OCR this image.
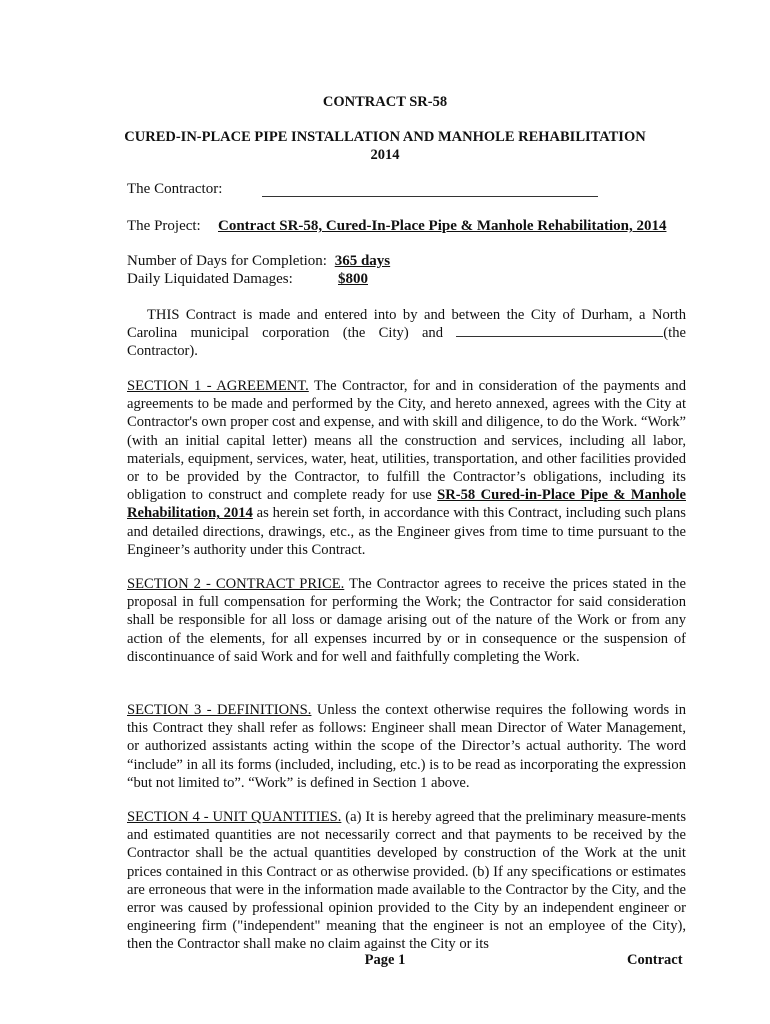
CONTRACT SR-58
CURED-IN-PLACE PIPE INSTALLATION AND MANHOLE REHABILITATION
2014
The Contractor:
The Project: Contract SR-58, Cured-In-Place Pipe & Manhole Rehabilitation, 2014
Number of Days for Completion: 365 days
Daily Liquidated Damages:	$800

THIS Contract is made and entered into by and between the City of Durham, a North Carolina municipal corporation (the City) and	(the Contractor).

SECTION 1 - AGREEMENT. The Contractor, for and in consideration of the payments and agreements to be made and performed by the City, and hereto annexed, agrees with the City at Contractor's own proper cost and expense, and with skill and diligence, to do the Work. “Work” (with an initial capital letter) means all the construction and services, including all labor, materials, equipment, services, water, heat, utilities, transportation, and other facilities provided or to be provided by the Contractor, to fulfill the Contractor’s obligations, including its obligation to construct and complete ready for use SR-58 Cured-in-Place Pipe & Manhole Rehabilitation, 2014 as herein set forth, in accordance with this Contract, including such plans and detailed directions, drawings, etc., as the Engineer gives from time to time pursuant to the Engineer’s authority under this Contract.

SECTION 2 - CONTRACT PRICE. The Contractor agrees to receive the prices stated in the proposal in full compensation for performing the Work; the Contractor for said consideration shall be responsible for all loss or damage arising out of the nature of the Work or from any action of the elements, for all expenses incurred by or in consequence or the suspension of discontinuance of said Work and for well and faithfully completing the Work.

SECTION 3 - DEFINITIONS. Unless the context otherwise requires the following words in this Contract they shall refer as follows: Engineer shall mean Director of Water Management, or authorized assistants acting within the scope of the Director’s actual authority. The word “include” in all its forms (included, including, etc.) is to be read as incorporating the expression “but not limited to”. “Work” is defined in Section 1 above.

SECTION 4 - UNIT QUANTITIES. (a) It is hereby agreed that the preliminary measure-ments and estimated quantities are not necessarily correct and that payments to be received by the Contractor shall be the actual quantities developed by construction of the Work at the unit prices contained in this Contract or as otherwise provided. (b) If any specifications or estimates are erroneous that were in the information made available to the Contractor by the City, and the error was caused by professional opinion provided to the City by an independent engineer or engineering firm ("independent" meaning that the engineer is not an employee of the City), then the Contractor shall make no claim against the City or its

Page 1	Contract
